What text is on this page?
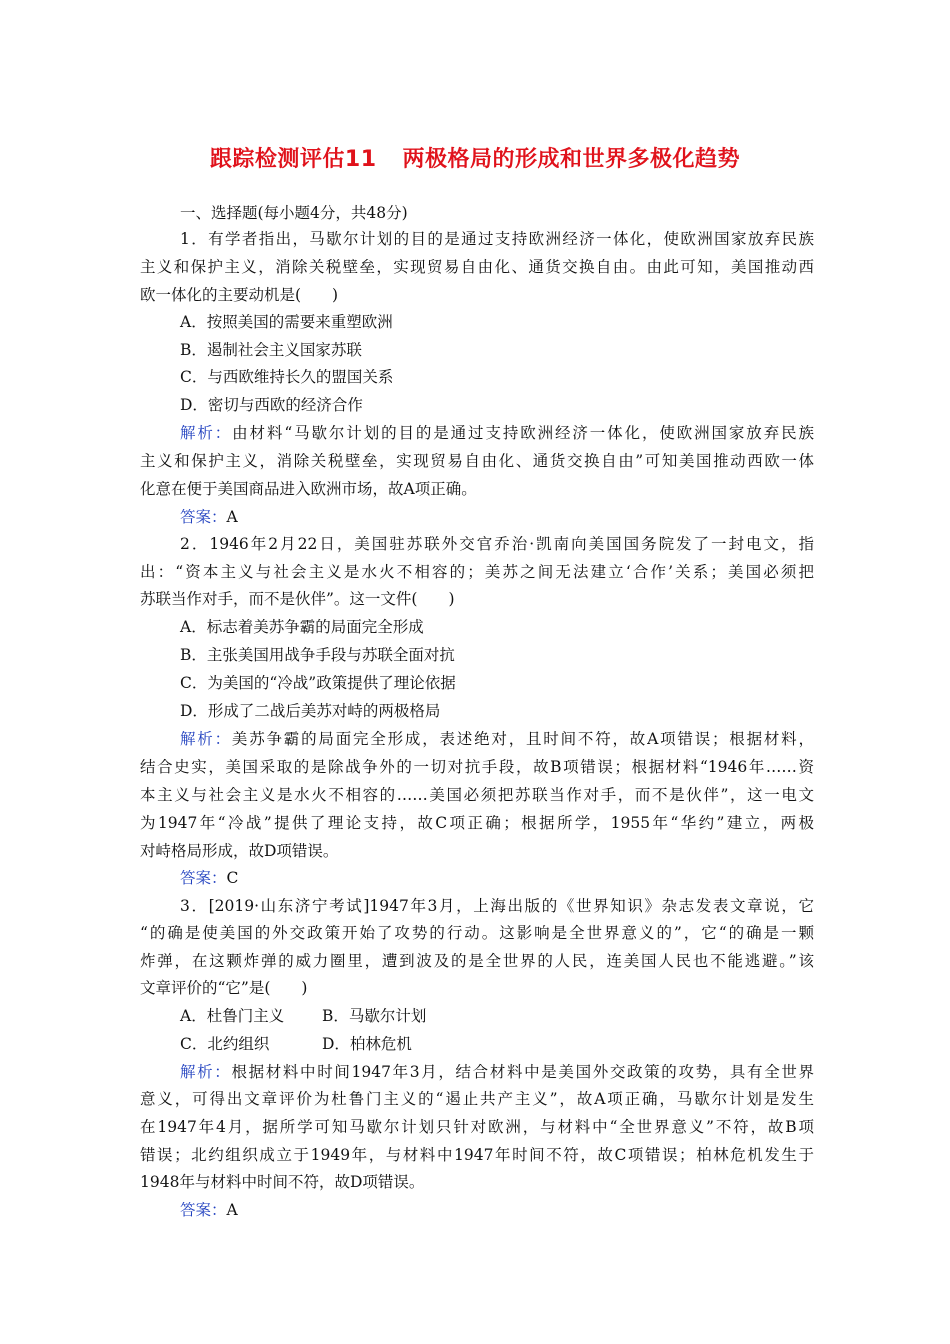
跟踪检测评估11 两极格局的形成和世界多极化趋势
一、选择题(每小题4分，共48分)
1．有学者指出，马歇尔计划的目的是通过支持欧洲经济一体化，使欧洲国家放弃民族
主义和保护主义，消除关税壁垒，实现贸易自由化、通货交换自由。由此可知，美国推动西
欧一体化的主要动机是(　　)
A．按照美国的需要来重塑欧洲
B．遏制社会主义国家苏联
C．与西欧维持长久的盟国关系
D．密切与西欧的经济合作
解析：由材料“马歇尔计划的目的是通过支持欧洲经济一体化，使欧洲国家放弃民族
主义和保护主义，消除关税壁垒，实现贸易自由化、通货交换自由”可知美国推动西欧一体
化意在便于美国商品进入欧洲市场，故A项正确。
答案：A
2．1946年2月22日，美国驻苏联外交官乔治·凯南向美国国务院发了一封电文，指
出：“资本主义与社会主义是水火不相容的；美苏之间无法建立‘合作’关系；美国必须把
苏联当作对手，而不是伙伴”。这一文件(　　)
A．标志着美苏争霸的局面完全形成
B．主张美国用战争手段与苏联全面对抗
C．为美国的“冷战”政策提供了理论依据
D．形成了二战后美苏对峙的两极格局
解析：美苏争霸的局面完全形成，表述绝对，且时间不符，故A项错误；根据材料，
结合史实，美国采取的是除战争外的一切对抗手段，故B项错误；根据材料“1946年……资
本主义与社会主义是水火不相容的……美国必须把苏联当作对手，而不是伙伴”，这一电文
为1947年“冷战”提供了理论支持，故C项正确；根据所学，1955年“华约”建立，两极
对峙格局形成，故D项错误。
答案：C
3．[2019·山东济宁考试]1947年3月，上海出版的《世界知识》杂志发表文章说，它
“的确是使美国的外交政策开始了攻势的行动。这影响是全世界意义的”，它“的确是一颗
炸弹，在这颗炸弹的威力圈里，遭到波及的是全世界的人民，连美国人民也不能逃避。”该
文章评价的“它”是(　　)
A．杜鲁门主义 B．马歇尔计划
C．北约组织	D．柏林危机
解析：根据材料中时间1947年3月，结合材料中是美国外交政策的攻势，具有全世界
意义，可得出文章评价为杜鲁门主义的“遏止共产主义”，故A项正确，马歇尔计划是发生
在1947年4月，据所学可知马歇尔计划只针对欧洲，与材料中“全世界意义”不符，故B项
错误；北约组织成立于1949年，与材料中1947年时间不符，故C项错误；柏林危机发生于
1948年与材料中时间不符，故D项错误。
答案：A
